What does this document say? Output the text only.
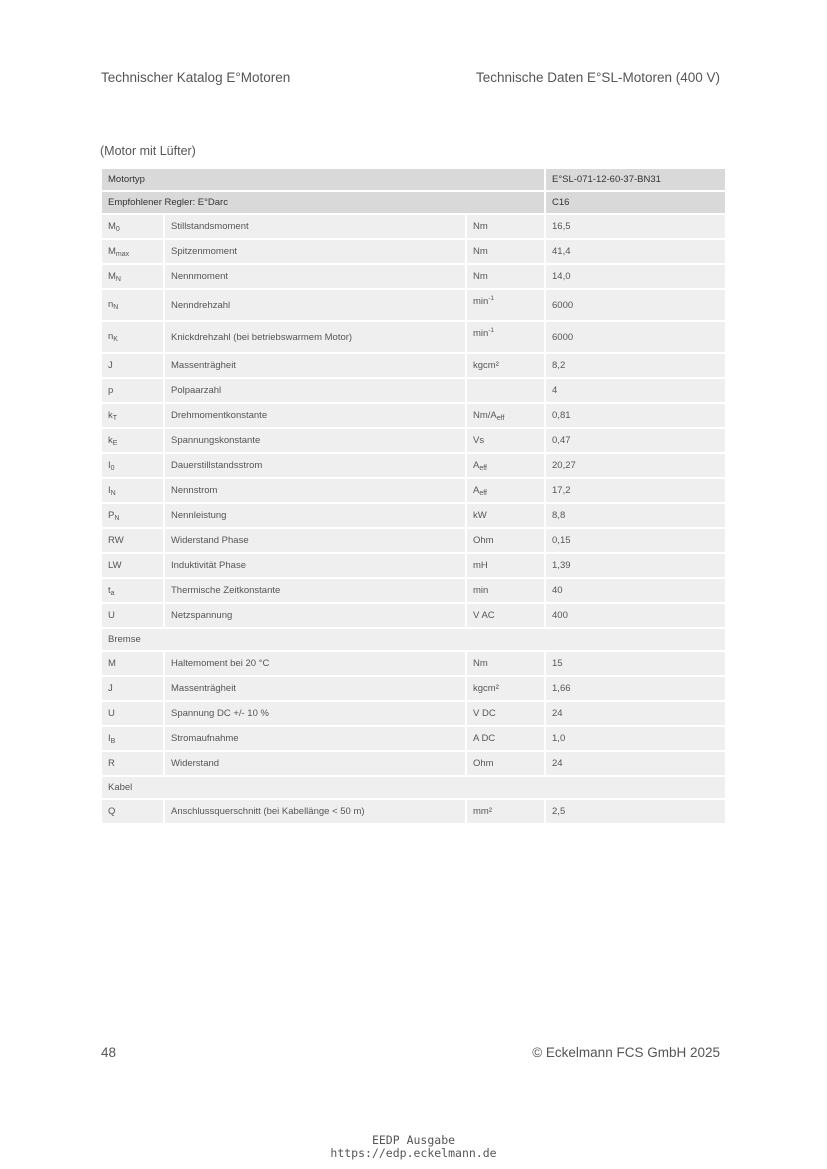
Technischer Katalog E°Motoren	Technische Daten E°SL-Motoren (400 V)
(Motor mit Lüfter)
Motortyp			E°SL-071-12-60-37-BN31
Empfohlener Regler: E°Darc			C16
$M_0$	Stillstandsmoment	Nm	16,5
$M_{max}$	Spitzenmoment	Nm	41,4
$M_N$	Nennmoment	Nm	14,0
$n_N$	Nenndrehzahl	$\min^{-1}$	6000
$n_K$	Knickdrehzahl (bei betriebswarmem Motor)	$\min^{-1}$	6000
J	Massenträgheit	kgcm²	8,2
p	Polpaarzahl		4
$k_T$	Drehmomentkonstante	$Nm/A_{eff}$	0,81
$k_E$	Spannungskonstante	Vs	0,47
$I_0$	Dauerstillstandsstrom	$A_{eff}$	20,27
$I_N$	Nennstrom	$A_{eff}$	17,2
$P_N$	Nennleistung	kW	8,8
RW	Widerstand Phase	Ohm	0,15
LW	Induktivität Phase	mH	1,39
$t_a$	Thermische Zeitkonstante	min	40
U	Netzspannung	V AC	400
Bremse			
M	Haltemoment bei 20 °C	Nm	15
J	Massenträgheit	kgcm²	1,66
U	Spannung DC +/- 10 %	V DC	24
$I_B$	Stromaufnahme	A DC	1,0
R	Widerstand	Ohm	24
Kabel			
Q	Anschlussquerschnitt (bei Kabellänge < 50 m)	mm²	2,5
48	© Eckelmann FCS GmbH 2025
EEDP Ausgabe
https://edp.eckelmann.de
